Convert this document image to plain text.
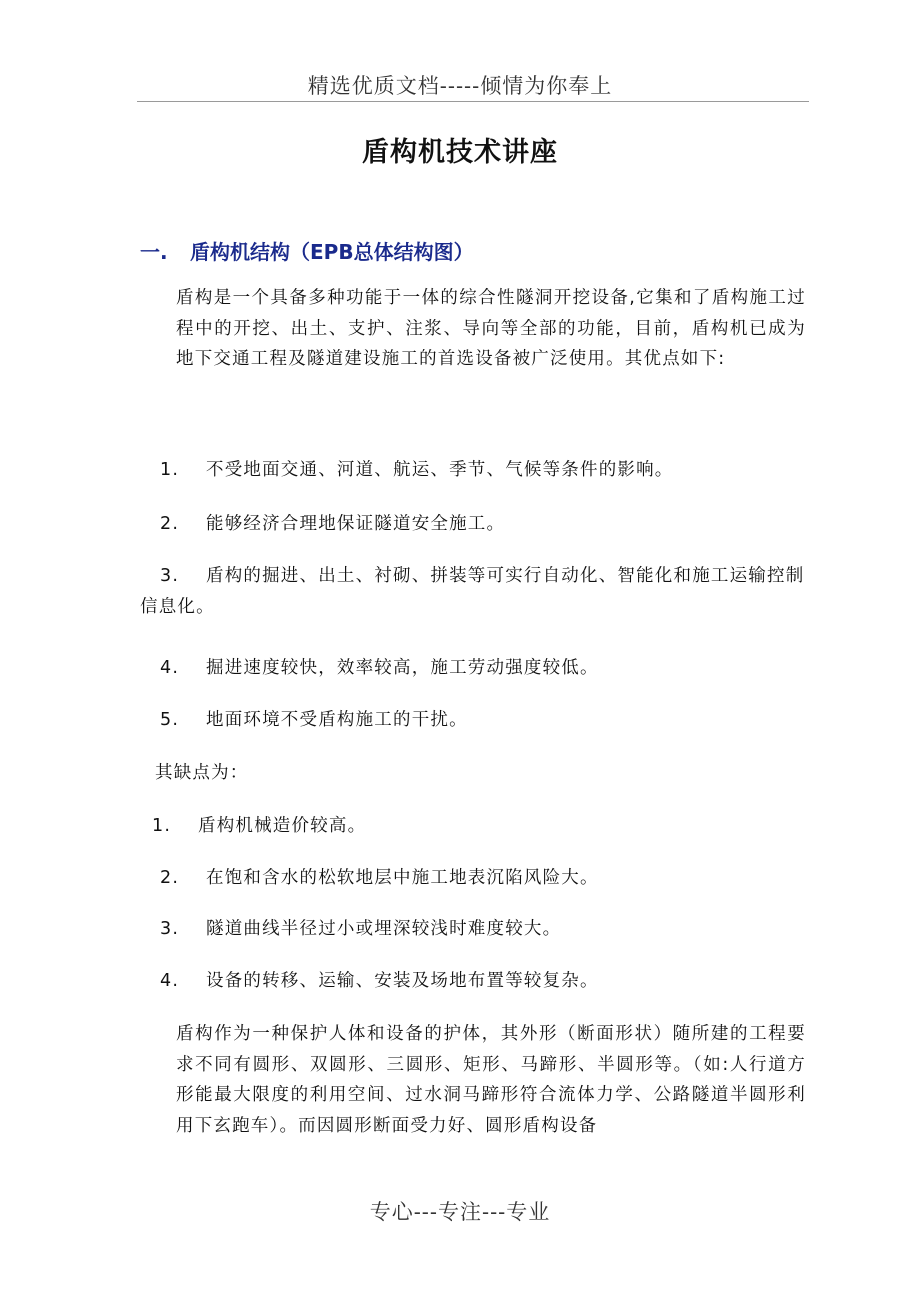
精选优质文档-----倾情为你奉上
盾构机技术讲座
一. 盾构机结构（EPB总体结构图）
盾构是一个具备多种功能于一体的综合性隧洞开挖设备,它集和了盾构施工过程中的开挖、出土、支护、注浆、导向等全部的功能，目前，盾构机已成为地下交通工程及隧道建设施工的首选设备被广泛使用。其优点如下:
1. 不受地面交通、河道、航运、季节、气候等条件的影响。
2. 能够经济合理地保证隧道安全施工。
3. 盾构的掘进、出土、衬砌、拼装等可实行自动化、智能化和施工运输控制信息化。
4. 掘进速度较快，效率较高，施工劳动强度较低。
5. 地面环境不受盾构施工的干扰。
其缺点为：
1. 盾构机械造价较高。
2. 在饱和含水的松软地层中施工地表沉陷风险大。
3. 隧道曲线半径过小或埋深较浅时难度较大。
4. 设备的转移、运输、安装及场地布置等较复杂。
盾构作为一种保护人体和设备的护体，其外形（断面形状）随所建的工程要求不同有圆形、双圆形、三圆形、矩形、马蹄形、半圆形等。（如:人行道方形能最大限度的利用空间、过水洞马蹄形符合流体力学、公路隧道半圆形利用下玄跑车）。而因圆形断面受力好、圆形盾构设备
专心---专注---专业
